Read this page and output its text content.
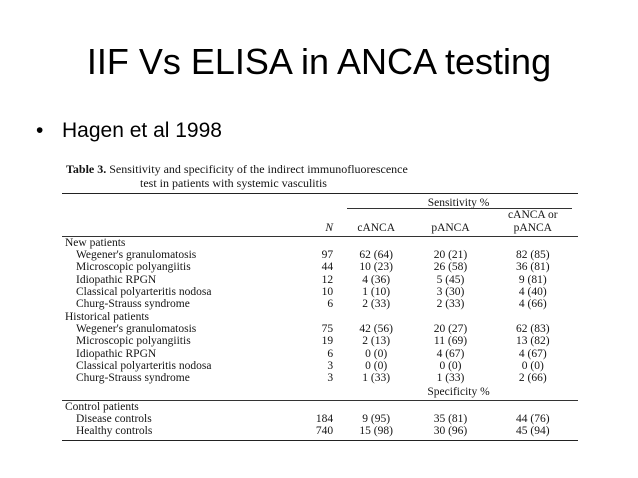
IIF Vs ELISA in ANCA testing
• Hagen et al 1998
Table 3. Sensitivity and specificity of the indirect immunofluorescence
test in patients with systemic vasculitis
		Sensitivity %		

	N	cANCA	pANCA	cANCA or
pANCA

New patients				
Wegener's granulomatosis	97	62 (64)	20 (21)	82 (85)
Microscopic polyangiitis	44	10 (23)	26 (58)	36 (81)
Idiopathic RPGN	12	4 (36)	5 (45)	9 (81)
Classical polyarteritis nodosa	10	1 (10)	3 (30)	4 (40)
Churg-Strauss syndrome	6	2 (33)	2 (33)	4 (66)
Historical patients				
Wegener's granulomatosis	75	42 (56)	20 (27)	62 (83)
Microscopic polyangiitis	19	2 (13)	11 (69)	13 (82)
Idiopathic RPGN	6	0 (0)	4 (67)	4 (67)
Classical polyarteritis nodosa	3	0 (0)	0 (0)	0 (0)
Churg-Strauss syndrome	3	1 (33)	1 (33)	2 (66)
		Specificity %		

Control patients				
Disease controls	184	9 (95)	35 (81)	44 (76)
Healthy controls	740	15 (98)	30 (96)	45 (94)
